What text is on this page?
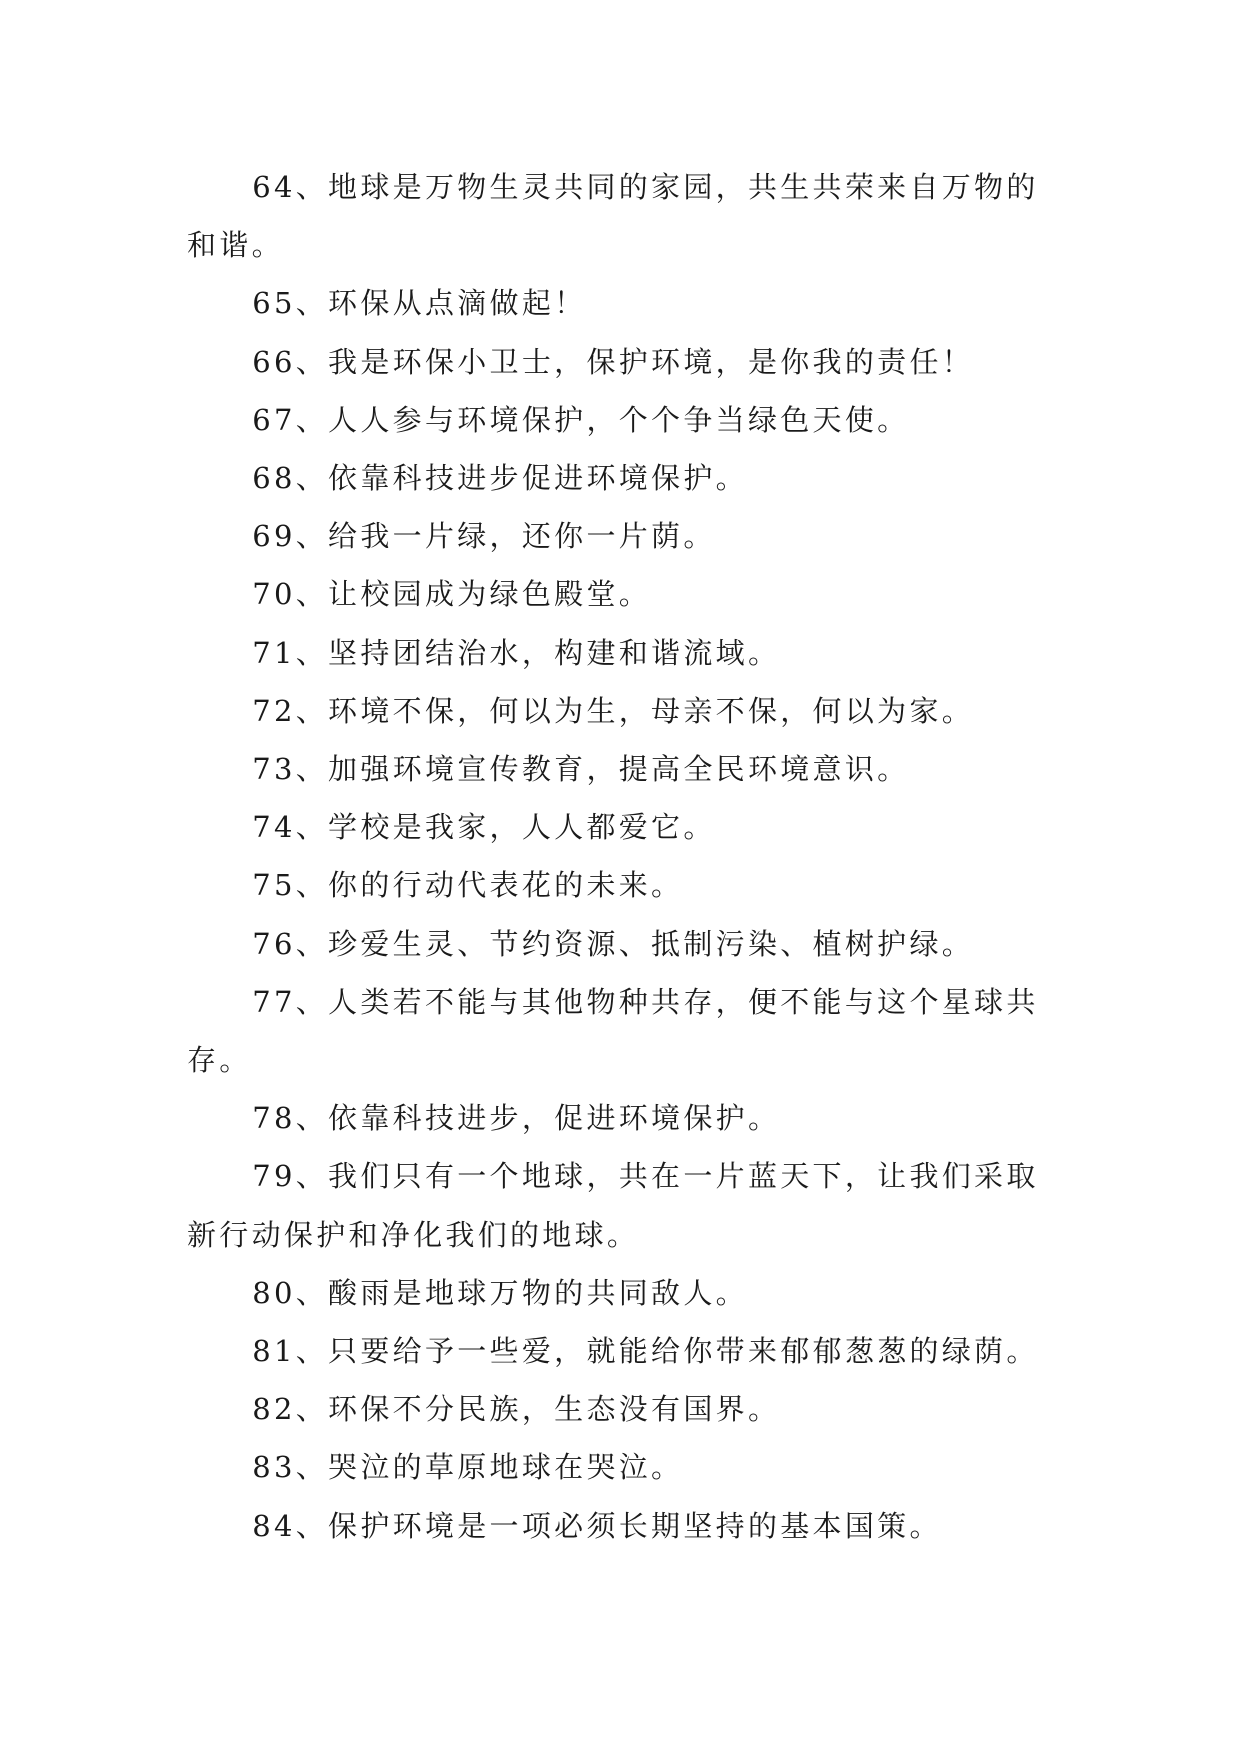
64、地球是万物生灵共同的家园，共生共荣来自万物的和谐。

65、环保从点滴做起！

66、我是环保小卫士，保护环境，是你我的责任！

67、人人参与环境保护，个个争当绿色天使。

68、依靠科技进步促进环境保护。

69、给我一片绿，还你一片荫。

70、让校园成为绿色殿堂。

71、坚持团结治水，构建和谐流域。

72、环境不保，何以为生，母亲不保，何以为家。

73、加强环境宣传教育，提高全民环境意识。

74、学校是我家，人人都爱它。

75、你的行动代表花的未来。

76、珍爱生灵、节约资源、抵制污染、植树护绿。

77、人类若不能与其他物种共存，便不能与这个星球共存。

78、依靠科技进步，促进环境保护。

79、我们只有一个地球，共在一片蓝天下，让我们采取新行动保护和净化我们的地球。

80、酸雨是地球万物的共同敌人。

81、只要给予一些爱，就能给你带来郁郁葱葱的绿荫。

82、环保不分民族，生态没有国界。

83、哭泣的草原地球在哭泣。

84、保护环境是一项必须长期坚持的基本国策。
